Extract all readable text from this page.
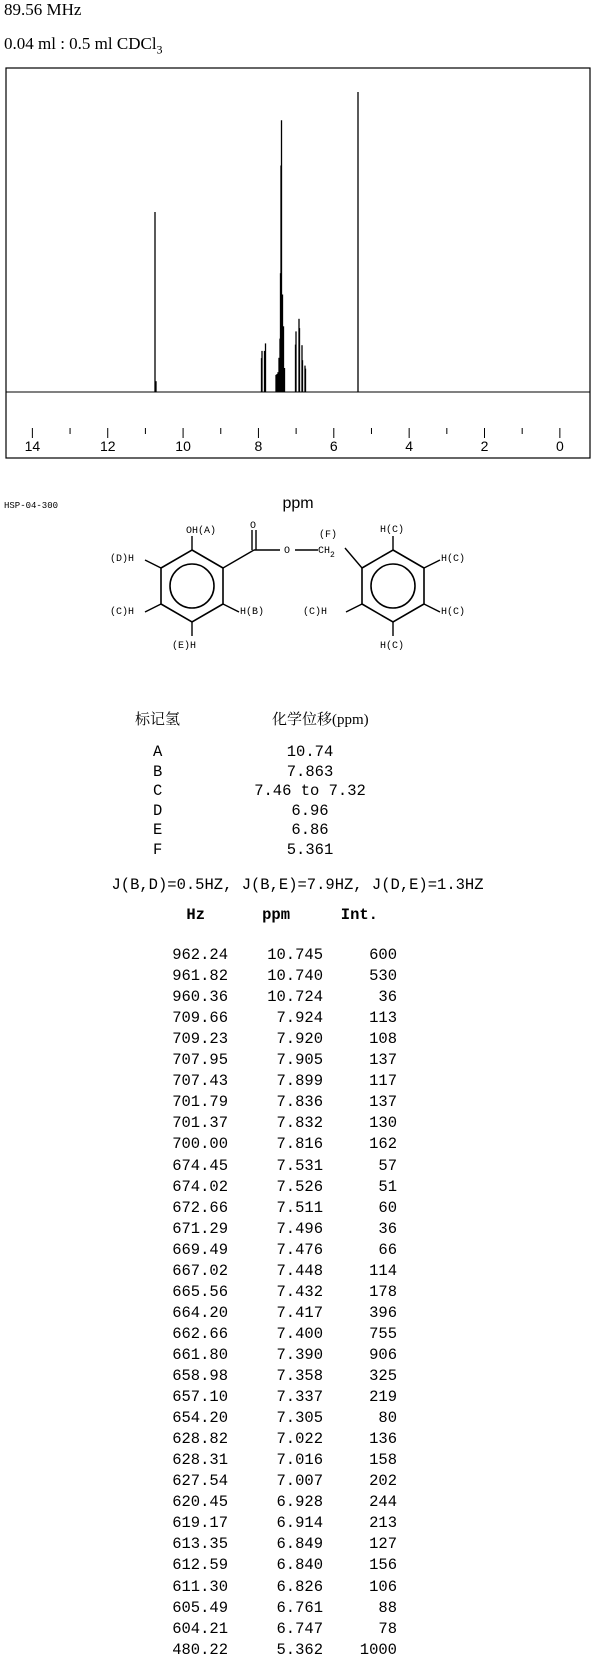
89.56 MHz
0.04 ml : 0.5 ml CDCl$_3$
14	12	10	8	6	4	2	0
ppm
HSP-04-300
OH(A)	O
O	$CH_2$
(F)
(D)H
(C)H	H(B)
(E)H
H(C)
H(C)
H(C)
H(C)
(C)H
标记氢	化学位移(ppm)
A	10.74
B	7.863
C	7.46 to 7.32
D	6.96
E	6.86
F	5.361
J(B,D)=0.5HZ, J(B,E)=7.9HZ, J(D,E)=1.3HZ
Hz	ppm	Int.
962.24	10.745	600
961.82	10.740	530
960.36	10.724	36
709.66	7.924	113
709.23	7.920	108
707.95	7.905	137
707.43	7.899	117
701.79	7.836	137
701.37	7.832	130
700.00	7.816	162
674.45	7.531	57
674.02	7.526	51
672.66	7.511	60
671.29	7.496	36
669.49	7.476	66
667.02	7.448	114
665.56	7.432	178
664.20	7.417	396
662.66	7.400	755
661.80	7.390	906
658.98	7.358	325
657.10	7.337	219
654.20	7.305	80
628.82	7.022	136
628.31	7.016	158
627.54	7.007	202
620.45	6.928	244
619.17	6.914	213
613.35	6.849	127
612.59	6.840	156
611.30	6.826	106
605.49	6.761	88
604.21	6.747	78
480.22	5.362	1000
